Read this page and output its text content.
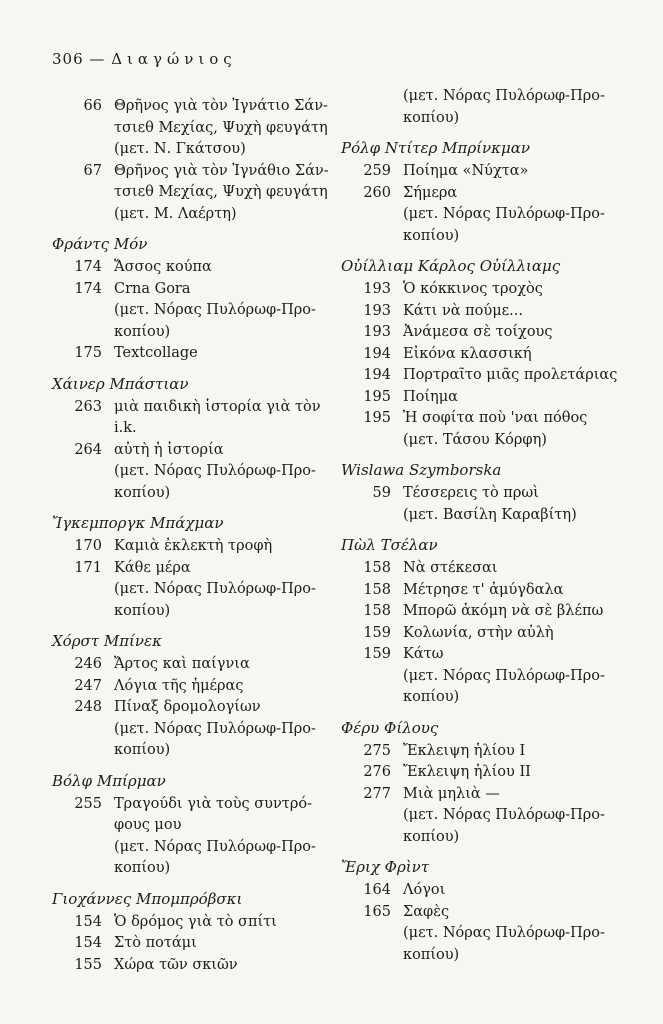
306 — Διαγώνιος
66 Θρῆνος γιὰ τὸν Ἰγνάτιο Σάν-
τσιεθ Μεχίας, Ψυχὴ φευγάτη
(μετ. Ν. Γκάτσου)
67 Θρῆνος γιὰ τὸν Ἰγνάθιο Σάν-
τσιεθ Μεχίας, Ψυχὴ φευγάτη
(μετ. Μ. Λαέρτη)
Φράντς Μόν
174 Ἄσσος κούπα
174 Crna Gora
(μετ. Νόρας Πυλόρωφ-Προ-
κοπίου)
175 Textcollage
Χάινερ Μπάστιαν
263 μιὰ παιδικὴ ἱστορία γιὰ τὸν
i.k.
264 αὐτὴ ἡ ἱστορία
(μετ. Νόρας Πυλόρωφ-Προ-
κοπίου)
Ἴγκεμποργκ Μπάχμαν
170 Καμιὰ ἐκλεκτὴ τροφὴ
171 Κάθε μέρα
(μετ. Νόρας Πυλόρωφ-Προ-
κοπίου)
Χόρστ Μπίνεκ
246 Ἄρτος καὶ παίγνια
247 Λόγια τῆς ἡμέρας
248 Πίναξ δρομολογίων
(μετ. Νόρας Πυλόρωφ-Προ-
κοπίου)
Βόλφ Μπίρμαν
255 Τραγούδι γιὰ τοὺς συντρό-
φους μου
(μετ. Νόρας Πυλόρωφ-Προ-
κοπίου)
Γιοχάννες Μπομπρόβσκι
154 Ὁ δρόμος γιὰ τὸ σπίτι
154 Στὸ ποτάμι
155 Χώρα τῶν σκιῶν
(μετ. Νόρας Πυλόρωφ-Προ-
κοπίου)
Ρόλφ Ντίτερ Μπρίνκμαν
259 Ποίημα «Νύχτα»
260 Σήμερα
(μετ. Νόρας Πυλόρωφ-Προ-
κοπίου)
Οὐίλλιαμ Κάρλος Οὐίλλιαμς
193 Ὁ κόκκινος τροχὸς
193 Κάτι νὰ πούμε...
193 Ἀνάμεσα σὲ τοίχους
194 Εἰκόνα κλασσική
194 Πορτραῖτο μιᾶς προλετάριας
195 Ποίημα
195 Ἡ σοφίτα ποὺ 'ναι πόθος
(μετ. Τάσου Κόρφη)
Wislawa Szymborska
59 Τέσσερεις τὸ πρωὶ
(μετ. Βασίλη Καραβίτη)
Πὼλ Τσέλαν
158 Νὰ στέκεσαι
158 Μέτρησε τ' ἀμύγδαλα
158 Μπορῶ ἀκόμη νὰ σὲ βλέπω
159 Κολωνία, στὴν αὐλὴ
159 Κάτω
(μετ. Νόρας Πυλόρωφ-Προ-
κοπίου)
Φέρυ Φίλους
275 Ἔκλειψη ἡλίου I
276 Ἔκλειψη ἡλίου II
277 Μιὰ μηλιὰ —
(μετ. Νόρας Πυλόρωφ-Προ-
κοπίου)
Ἔριχ Φρὶντ
164 Λόγοι
165 Σαφὲς
(μετ. Νόρας Πυλόρωφ-Προ-
κοπίου)
